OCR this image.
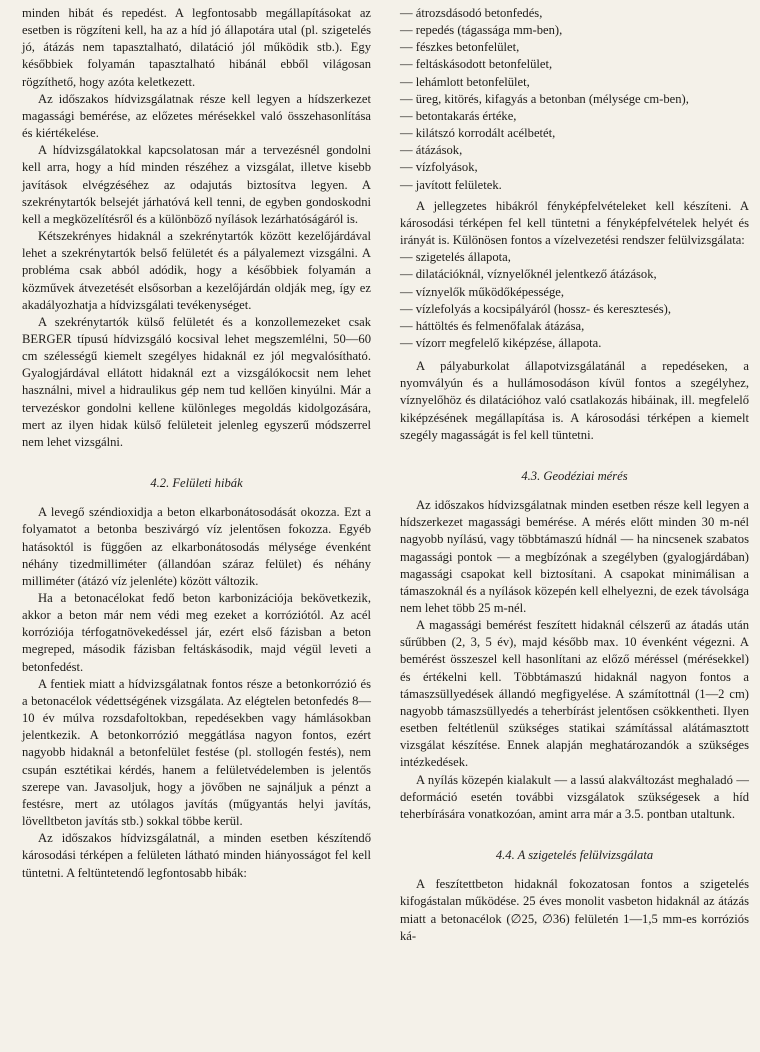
minden hibát és repedést. A legfontosabb megállapításokat az esetben is rögzíteni kell, ha az a híd jó állapotára utal (pl. szigetelés jó, átázás nem tapasztalható, dilatáció jól működik stb.). Egy későbbiek folyamán tapasztalható hibánál ebből világosan rögzíthető, hogy azóta keletkezett.

Az időszakos hídvizsgálatnak része kell legyen a hídszerkezet magassági bemérése, az előzetes mérésekkel való összehasonlítása és kiértékelése.

A hídvizsgálatokkal kapcsolatosan már a tervezésnél gondolni kell arra, hogy a híd minden részéhez a vizsgálat, illetve kisebb javítások elvégzéséhez az odajutás biztosítva legyen. A szekrénytartók belsejét járhatóvá kell tenni, de egyben gondoskodni kell a megközelítésről és a különböző nyílások lezárhatóságáról is.

Kétszekrényes hidaknál a szekrénytartók között kezelőjárdával lehet a szekrénytartók belső felületét és a pályalemezt vizsgálni. A probléma csak abból adódik, hogy a későbbiek folyamán a közművek átvezetését elsősorban a kezelőjárdán oldják meg, így ez akadályozhatja a hídvizsgálati tevékenységet.

A szekrénytartók külső felületét és a konzollemezeket csak BERGER típusú hídvizsgáló kocsival lehet megszemlélni, 50—60 cm szélességű kiemelt szegélyes hidaknál ez jól megvalósítható. Gyalogjárdával ellátott hidaknál ezt a vizsgálókocsit nem lehet használni, mivel a hidraulikus gép nem tud kellően kinyúlni. Már a tervezéskor gondolni kellene különleges megoldás kidolgozására, mert az ilyen hidak külső felületeit jelenleg egyszerű módszerrel nem lehet vizsgálni.

4.2. Felületi hibák

A levegő széndioxidja a beton elkarbonátosodását okozza. Ezt a folyamatot a betonba beszivárgó víz jelentősen fokozza. Egyéb hatásoktól is függően az elkarbonátosodás mélysége évenként néhány tizedmilliméter (állandóan száraz felület) és néhány milliméter (átázó víz jelenléte) között változik.

Ha a betonacélokat fedő beton karbonizációja bekövetkezik, akkor a beton már nem védi meg ezeket a korróziótól. Az acél korróziója térfogatnövekedéssel jár, ezért első fázisban a beton megreped, második fázisban feltáskásodik, majd végül leveti a betonfedést.

A fentiek miatt a hídvizsgálatnak fontos része a betonkorrózió és a betonacélok védettségének vizsgálata. Az elégtelen betonfedés 8—10 év múlva rozsdafoltokban, repedésekben vagy hámlásokban jelentkezik. A betonkorrózió meggátlása nagyon fontos, ezért nagyobb hidaknál a betonfelület festése (pl. stollogén festés), nem csupán esztétikai kérdés, hanem a felületvédelemben is jelentős szerepe van. Javasoljuk, hogy a jövőben ne sajnáljuk a pénzt a festésre, mert az utólagos javítás (műgyantás helyi javítás, lövelltbeton javítás stb.) sokkal többe kerül.

Az időszakos hídvizsgálatnál, a minden esetben készítendő károsodási térképen a felületen látható minden hiányosságot fel kell tüntetni. A feltüntetendő legfontosabb hibák:

— átrozsdásodó betonfedés,
— repedés (tágassága mm-ben),
— fészkes betonfelület,
— feltáskásodott betonfelület,
— lehámlott betonfelület,
— üreg, kitörés, kifagyás a betonban (mélysége cm-ben),
— betontakarás értéke,
— kilátszó korrodált acélbetét,
— átázások,
— vízfolyások,
— javított felületek.

A jellegzetes hibákról fényképfelvételeket kell készíteni. A károsodási térképen fel kell tüntetni a fényképfelvételek helyét és irányát is. Különösen fontos a vízelvezetési rendszer felülvizsgálata:

— szigetelés állapota,
— dilatációknál, víznyelőknél jelentkező átázások,
— víznyelők működőképessége,
— vízlefolyás a kocsipályáról (hossz- és keresztesés),
— háttöltés és felmenőfalak átázása,
— vízorr megfelelő kiképzése, állapota.

A pályaburkolat állapotvizsgálatánál a repedéseken, a nyomvályún és a hullámosodáson kívül fontos a szegélyhez, víznyelőhöz és dilatációhoz való csatlakozás hibáinak, ill. megfelelő kiképzésének megállapítása is. A károsodási térképen a kiemelt szegély magasságát is fel kell tüntetni.

4.3. Geodéziai mérés

Az időszakos hídvizsgálatnak minden esetben része kell legyen a hídszerkezet magassági bemérése. A mérés előtt minden 30 m-nél nagyobb nyílású, vagy többtámaszú hídnál — ha nincsenek szabatos magassági pontok — a megbízónak a szegélyben (gyalogjárdában) magassági csapokat kell biztosítani. A csapokat minimálisan a támaszoknál és a nyílások közepén kell elhelyezni, de ezek távolsága nem lehet több 25 m-nél.

A magassági bemérést feszített hidaknál célszerű az átadás után sűrűbben (2, 3, 5 év), majd később max. 10 évenként végezni. A bemérést összeszel kell hasonlítani az előző méréssel (mérésekkel) és értékelni kell. Többtámaszú hidaknál nagyon fontos a támaszsüllyedések állandó megfigyelése. A számítottnál (1—2 cm) nagyobb támaszsüllyedés a teherbírást jelentősen csökkentheti. Ilyen esetben feltétlenül szükséges statikai számítással alátámasztott vizsgálat készítése. Ennek alapján meghatározandók a szükséges intézkedések.

A nyílás közepén kialakult — a lassú alakváltozást meghaladó — deformáció esetén további vizsgálatok szükségesek a híd teherbírására vonatkozóan, amint arra már a 3.5. pontban utaltunk.

4.4. A szigetelés felülvizsgálata

A feszítettbeton hidaknál fokozatosan fontos a szigetelés kifogástalan működése. 25 éves monolit vasbeton hidaknál az átázás miatt a betonacélok (∅25, ∅36) felületén 1—1,5 mm-es korróziós ká-
